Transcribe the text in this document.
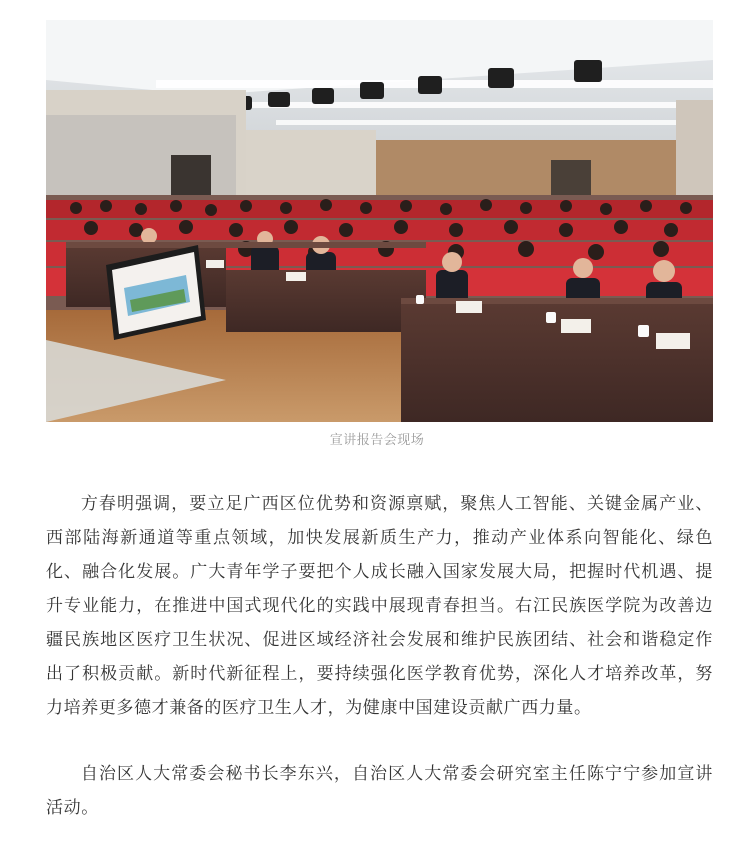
宣讲报告会现场

方春明强调，要立足广西区位优势和资源禀赋，聚焦人工智能、关键金属产业、西部陆海新通道等重点领域，加快发展新质生产力，推动产业体系向智能化、绿色化、融合化发展。广大青年学子要把个人成长融入国家发展大局，把握时代机遇、提升专业能力，在推进中国式现代化的实践中展现青春担当。右江民族医学院为改善边疆民族地区医疗卫生状况、促进区域经济社会发展和维护民族团结、社会和谐稳定作出了积极贡献。新时代新征程上，要持续强化医学教育优势，深化人才培养改革，努力培养更多德才兼备的医疗卫生人才，为健康中国建设贡献广西力量。

自治区人大常委会秘书长李东兴，自治区人大常委会研究室主任陈宁宁参加宣讲活动。
